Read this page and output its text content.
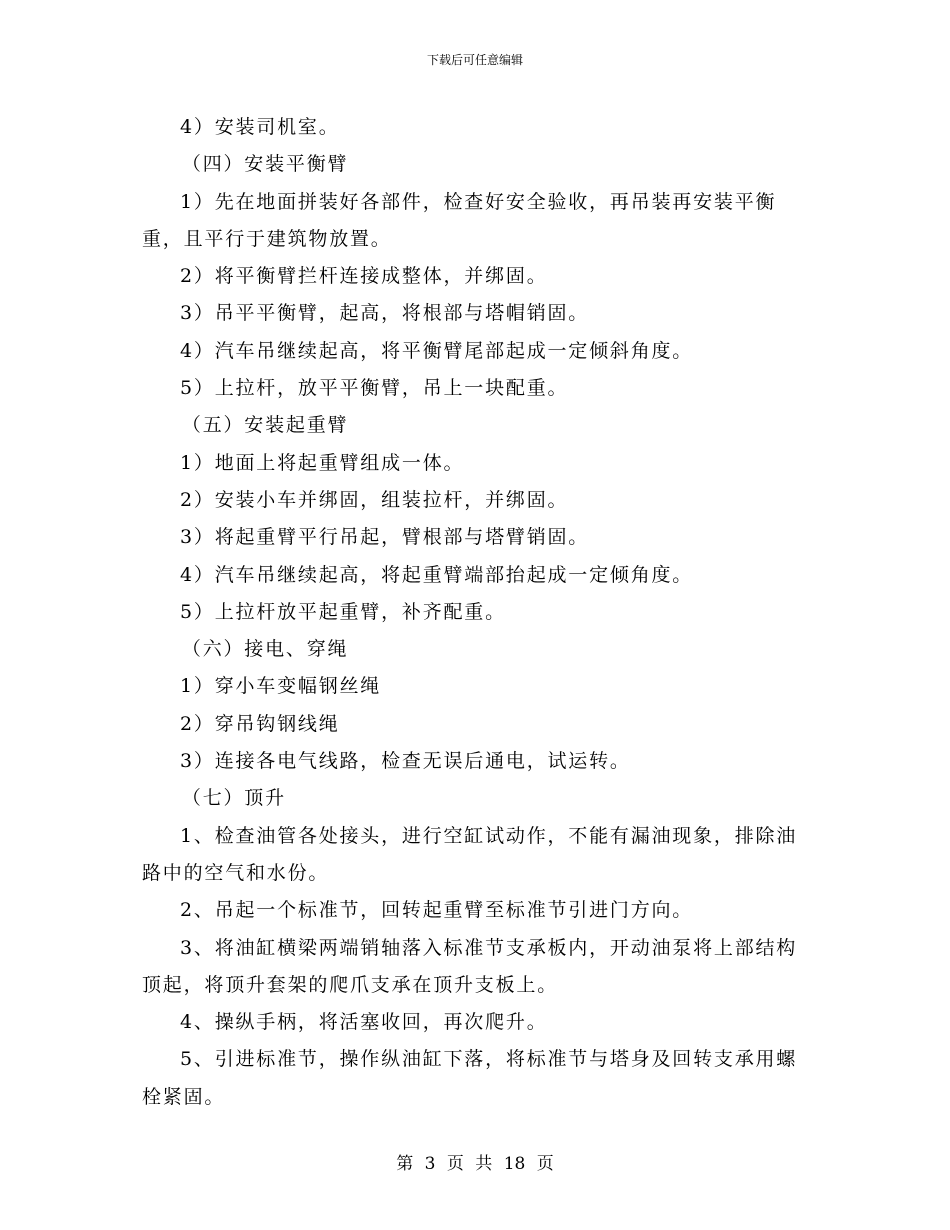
下载后可任意编辑

4）安装司机室。

（四）安装平衡臂

1）先在地面拼装好各部件，检查好安全验收，再吊装再安装平衡重，且平行于建筑物放置。

2）将平衡臂拦杆连接成整体，并绑固。

3）吊平平衡臂，起高，将根部与塔帽销固。

4）汽车吊继续起高，将平衡臂尾部起成一定倾斜角度。

5）上拉杆，放平平衡臂，吊上一块配重。

（五）安装起重臂

1）地面上将起重臂组成一体。

2）安装小车并绑固，组装拉杆，并绑固。

3）将起重臂平行吊起，臂根部与塔臂销固。

4）汽车吊继续起高，将起重臂端部抬起成一定倾角度。

5）上拉杆放平起重臂，补齐配重。

（六）接电、穿绳

1）穿小车变幅钢丝绳

2）穿吊钩钢线绳

3）连接各电气线路，检查无误后通电，试运转。

（七）顶升

1、检查油管各处接头，进行空缸试动作，不能有漏油现象，排除油路中的空气和水份。

2、吊起一个标准节，回转起重臂至标准节引进门方向。

3、将油缸横梁两端销轴落入标准节支承板内，开动油泵将上部结构顶起，将顶升套架的爬爪支承在顶升支板上。

4、操纵手柄，将活塞收回，再次爬升。

5、引进标准节，操作纵油缸下落，将标准节与塔身及回转支承用螺栓紧固。

第 3 页 共 18 页
